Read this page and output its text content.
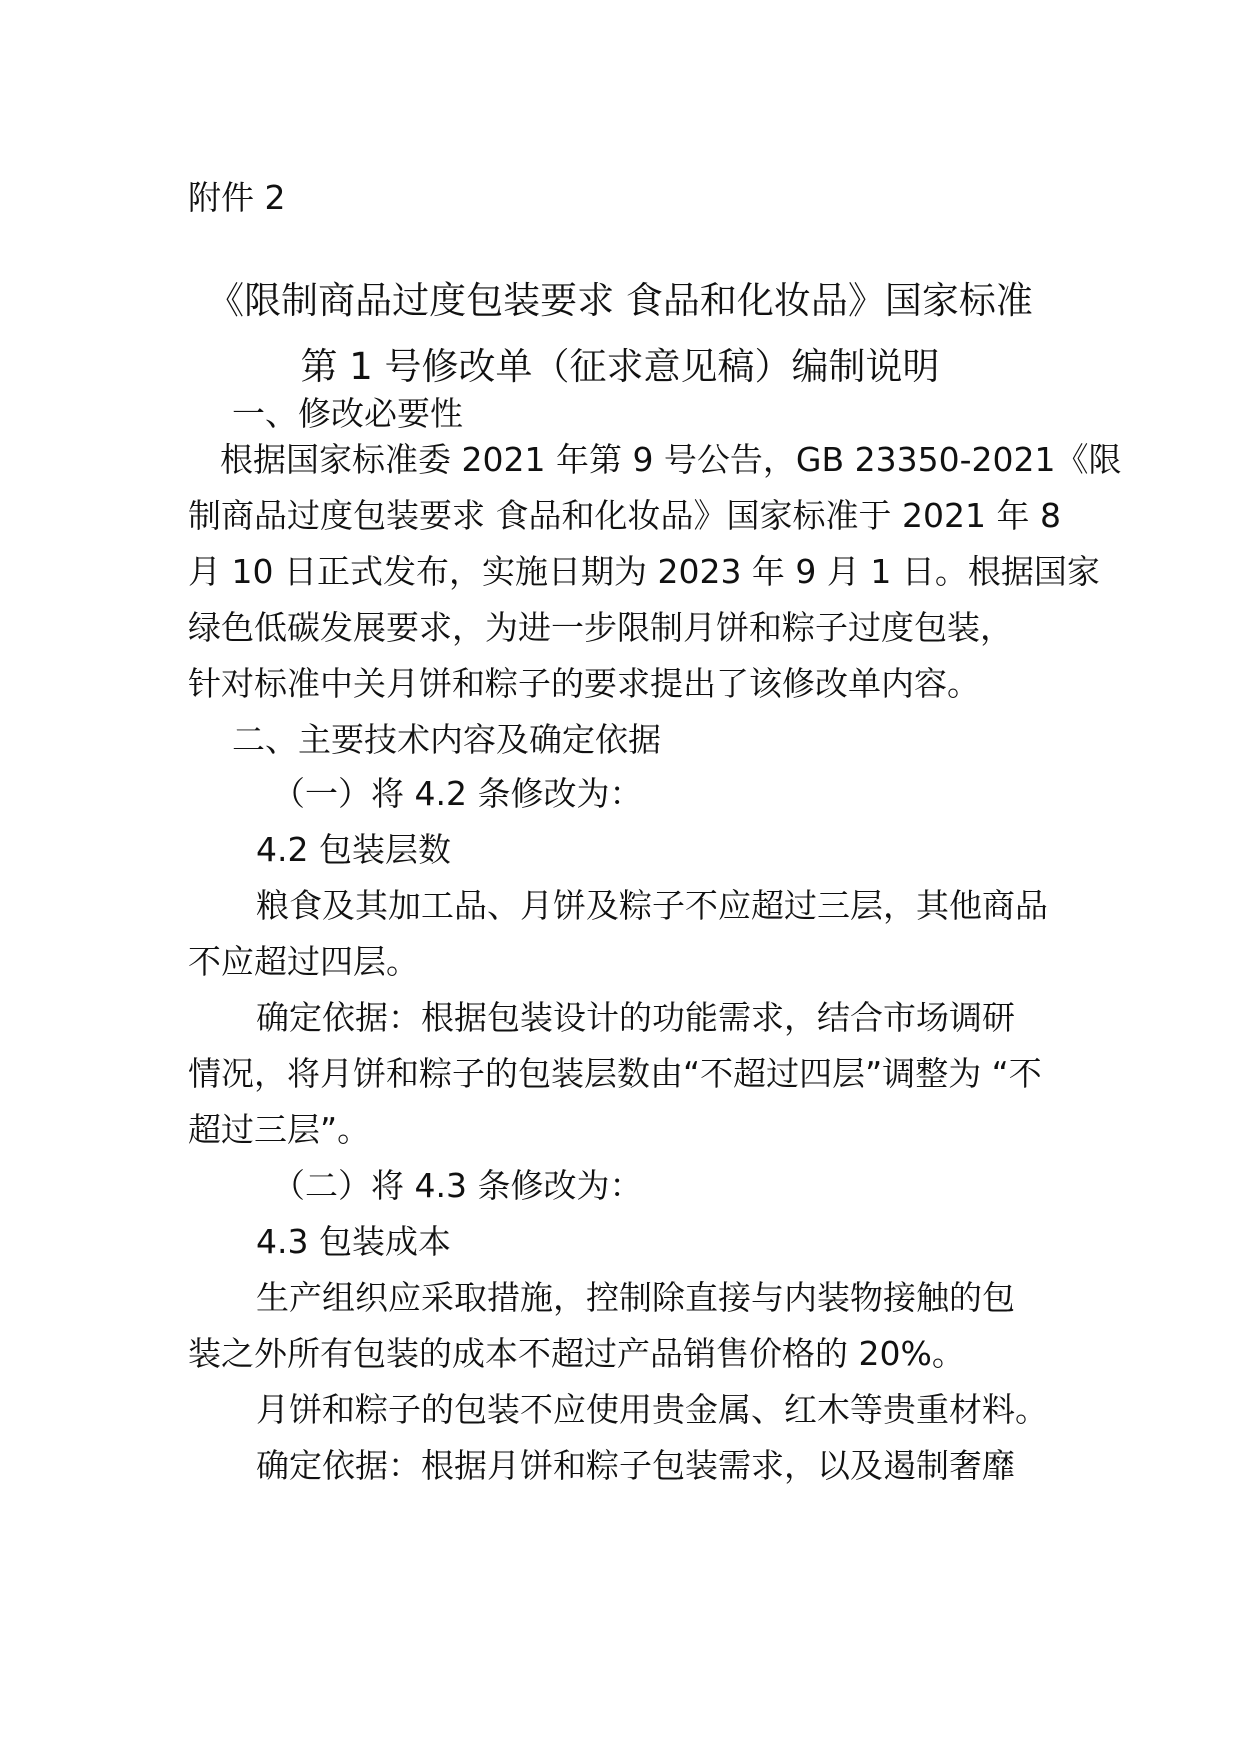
附件 2
《限制商品过度包装要求 食品和化妆品》国家标准
第 1 号修改单（征求意见稿）编制说明
一、修改必要性
根据国家标准委 2021 年第 9 号公告，GB 23350-2021《限
制商品过度包装要求 食品和化妆品》国家标准于 2021 年 8
月 10 日正式发布，实施日期为 2023 年 9 月 1 日。根据国家
绿色低碳发展要求，为进一步限制月饼和粽子过度包装，
针对标准中关月饼和粽子的要求提出了该修改单内容。
二、主要技术内容及确定依据
（一）将 4.2 条修改为：
4.2 包装层数
粮食及其加工品、月饼及粽子不应超过三层，其他商品
不应超过四层。
确定依据：根据包装设计的功能需求，结合市场调研
情况，将月饼和粽子的包装层数由“不超过四层”调整为 “不
超过三层”。
（二）将 4.3 条修改为：
4.3 包装成本
生产组织应采取措施，控制除直接与内装物接触的包
装之外所有包装的成本不超过产品销售价格的 20%。
月饼和粽子的包装不应使用贵金属、红木等贵重材料。
确定依据：根据月饼和粽子包装需求，以及遏制奢靡
